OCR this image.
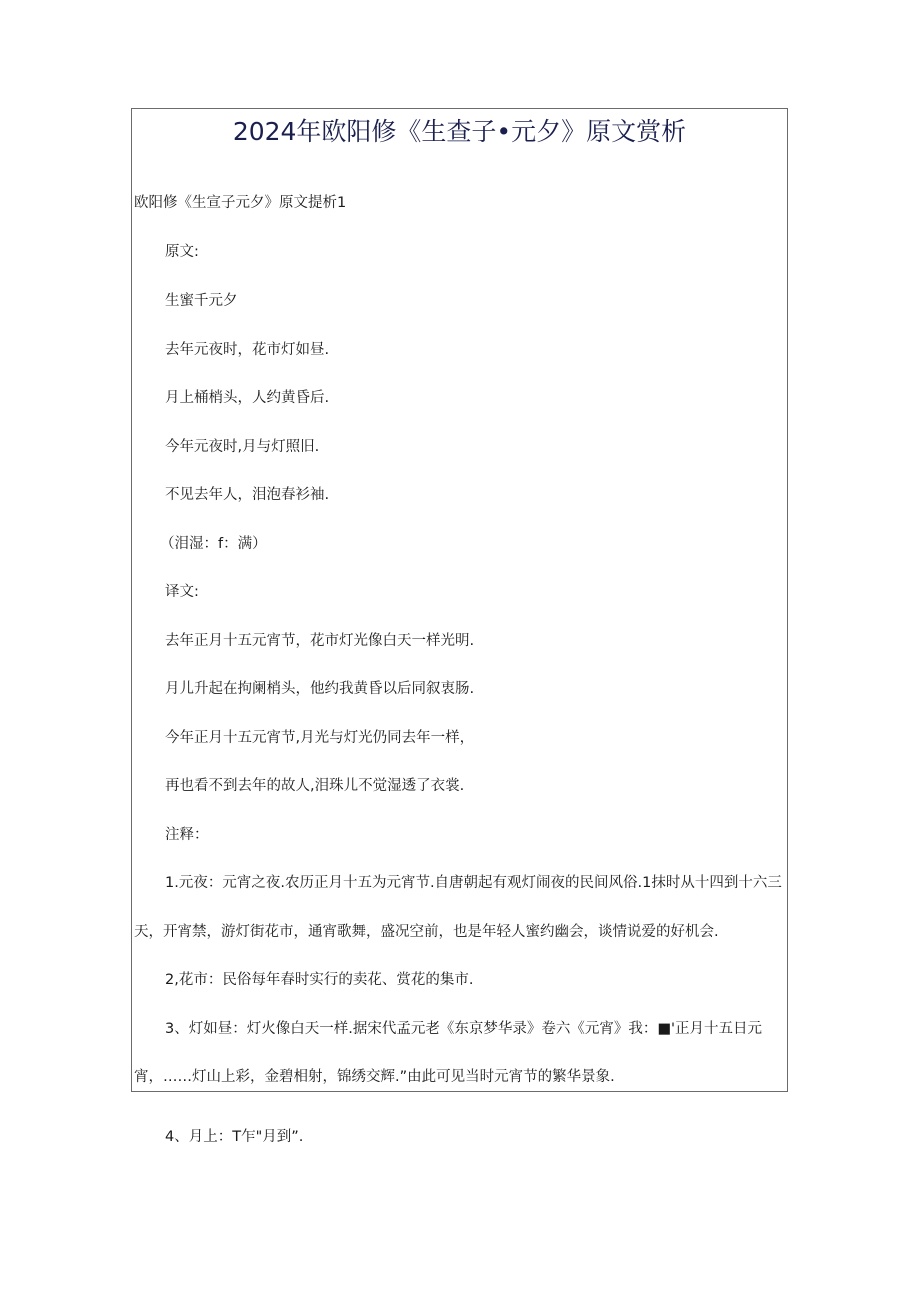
2024年欧阳修《生查子•元夕》原文赏析
欧阳修《生宣子元夕》原文提析1
原文:
生蜜千元夕
去年元夜时，花市灯如昼.
月上桶梢头，人约黄昏后.
今年元夜时,月与灯照旧.
不见去年人，泪泡春衫袖.
（泪湿：f：满）
译文:
去年正月十五元宵节，花市灯光像白天一样光明.
月儿升起在拘阑梢头，他约我黄昏以后同叙衷肠.
今年正月十五元宵节,月光与灯光仍同去年一样，
再也看不到去年的故人,泪珠儿不觉湿透了衣裳.
注释：
1.元夜：元宵之夜.农历正月十五为元宵节.自唐朝起有观灯闹夜的民间风俗.1抹时从十四到十六三
天，开宵禁，游灯街花市，通宵歌舞，盛况空前，也是年轻人蜜约幽会，谈情说爱的好机会.
2,花市：民俗每年春时实行的卖花、赏花的集市.
3、灯如昼：灯火像白天一样.据宋代孟元老《东京梦华录》卷六《元宵》我：■'正月十五日元
宵，……灯山上彩，金碧相射，锦绣交辉.”由此可见当时元宵节的繁华景象.
4、月上：T乍"月到”.
